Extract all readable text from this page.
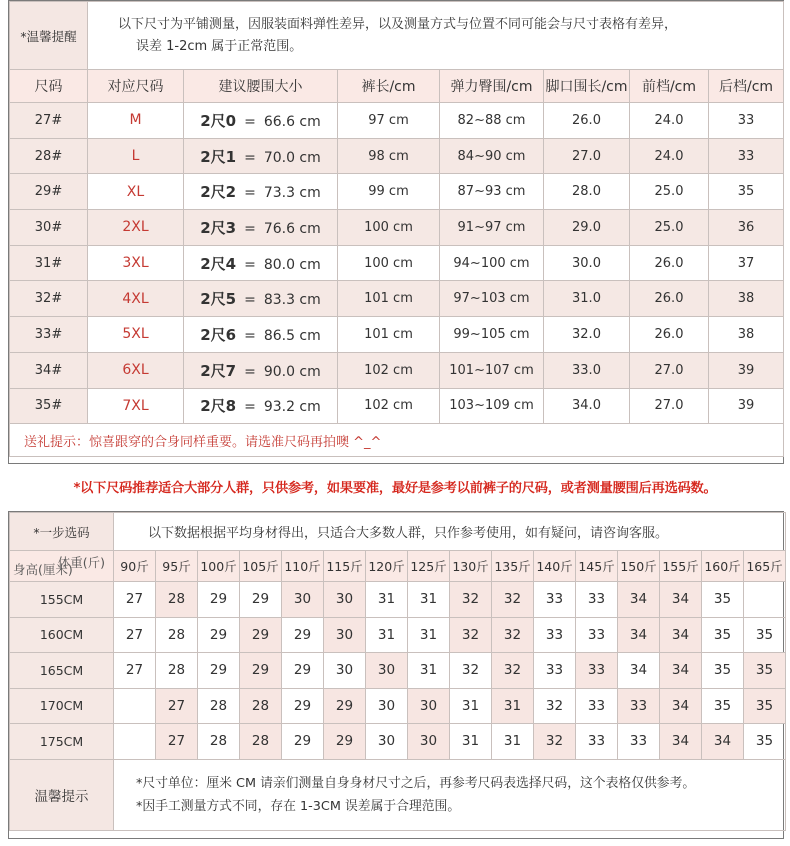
*温馨提醒	以下尺寸为平铺测量，因服装面料弹性差异，以及测量方式与位置不同可能会与尺寸表格有差异，
误差 1-2cm 属于正常范围。						

尺码	对应尺码	建议腰围大小	裤长/cm	弹力臀围/cm	脚口围长/cm	前档/cm	后档/cm
27#	M	2尺0 = 66.6 cm	97 cm	82~88 cm	26.0	24.0	33
28#	L	2尺1 = 70.0 cm	98 cm	84~90 cm	27.0	24.0	33
29#	XL	2尺2 = 73.3 cm	99 cm	87~93 cm	28.0	25.0	35
30#	2XL	2尺3 = 76.6 cm	100 cm	91~97 cm	29.0	25.0	36
31#	3XL	2尺4 = 80.0 cm	100 cm	94~100 cm	30.0	26.0	37
32#	4XL	2尺5 = 83.3 cm	101 cm	97~103 cm	31.0	26.0	38
33#	5XL	2尺6 = 86.5 cm	101 cm	99~105 cm	32.0	26.0	38
34#	6XL	2尺7 = 90.0 cm	102 cm	101~107 cm	33.0	27.0	39
35#	7XL	2尺8 = 93.2 cm	102 cm	103~109 cm	34.0	27.0	39
送礼提示：惊喜跟穿的合身同样重要。请选准尺码再拍噢 ^_^							
*以下尺码推荐适合大部分人群，只供参考，如果要准，最好是参考以前裤子的尺码，或者测量腰围后再选码数。
*一步选码	以下数据根据平均身材得出，只适合大多数人群，只作参考使用，如有疑问，请咨询客服。															

体重(斤)
身高(厘米)	90斤	95斤	100斤	105斤	110斤	115斤	120斤	125斤	130斤	135斤	140斤	145斤	150斤	155斤	160斤	165斤
155CM	27	28	29	29	30	30	31	31	32	32	33	33	34	34	35	
160CM	27	28	29	29	29	30	31	31	32	32	33	33	34	34	35	35
165CM	27	28	29	29	29	30	30	31	32	32	33	33	34	34	35	35
170CM		27	28	28	29	29	30	30	31	31	32	33	33	34	35	35
175CM		27	28	28	29	29	30	30	31	31	32	33	33	34	34	35
温馨提示	*尺寸单位：厘米 CM 请亲们测量自身身材尺寸之后，再参考尺码表选择尺码，这个表格仅供参考。
*因手工测量方式不同，存在 1-3CM 误差属于合理范围。															
